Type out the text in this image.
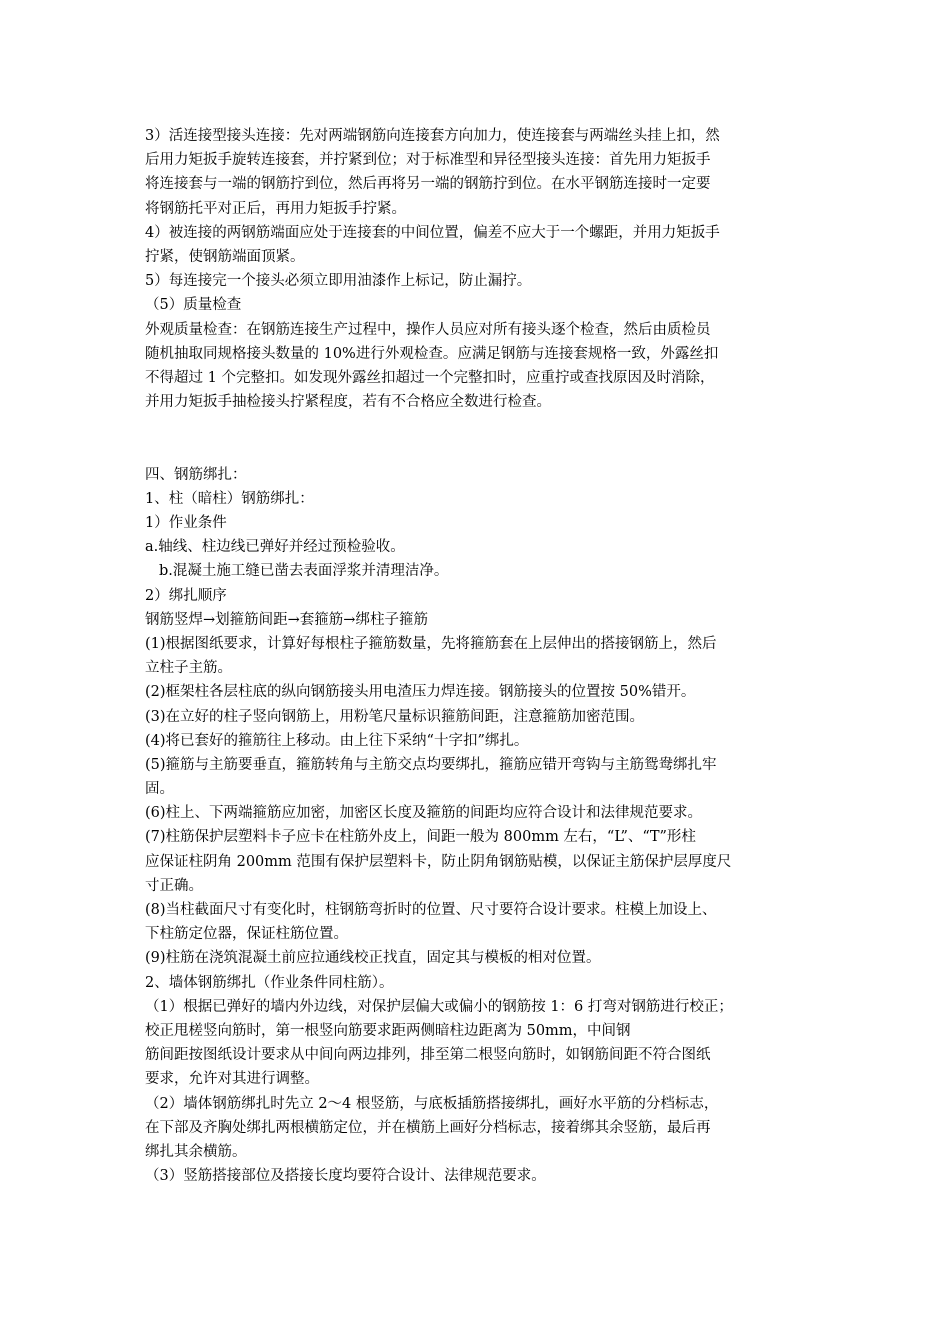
3）活连接型接头连接：先对两端钢筋向连接套方向加力，使连接套与两端丝头挂上扣，然
后用力矩扳手旋转连接套，并拧紧到位；对于标准型和异径型接头连接：首先用力矩扳手
将连接套与一端的钢筋拧到位，然后再将另一端的钢筋拧到位。在水平钢筋连接时一定要
将钢筋托平对正后，再用力矩扳手拧紧。
4）被连接的两钢筋端面应处于连接套的中间位置，偏差不应大于一个螺距，并用力矩扳手
拧紧，使钢筋端面顶紧。
5）每连接完一个接头必须立即用油漆作上标记，防止漏拧。
（5）质量检查
外观质量检查：在钢筋连接生产过程中，操作人员应对所有接头逐个检查，然后由质检员
随机抽取同规格接头数量的 10%进行外观检查。应满足钢筋与连接套规格一致，外露丝扣
不得超过 1 个完整扣。如发现外露丝扣超过一个完整扣时，应重拧或查找原因及时消除，
并用力矩扳手抽检接头拧紧程度，若有不合格应全数进行检查。
四、钢筋绑扎：
1、柱（暗柱）钢筋绑扎：
1）作业条件
a.轴线、柱边线已弹好并经过预检验收。
b.混凝土施工缝已凿去表面浮浆并清理洁净。
2）绑扎顺序
钢筋竖焊→划箍筋间距→套箍筋→绑柱子箍筋
(1)根据图纸要求，计算好每根柱子箍筋数量，先将箍筋套在上层伸出的搭接钢筋上，然后
立柱子主筋。
(2)框架柱各层柱底的纵向钢筋接头用电渣压力焊连接。钢筋接头的位置按 50%错开。
(3)在立好的柱子竖向钢筋上，用粉笔尺量标识箍筋间距，注意箍筋加密范围。
(4)将已套好的箍筋往上移动。由上往下采纳“十字扣”绑扎。
(5)箍筋与主筋要垂直，箍筋转角与主筋交点均要绑扎，箍筋应错开弯钩与主筋鸳鸯绑扎牢
固。
(6)柱上、下两端箍筋应加密，加密区长度及箍筋的间距均应符合设计和法律规范要求。
(7)柱筋保护层塑料卡子应卡在柱筋外皮上，间距一般为 800mm 左右，“L”、“T”形柱
应保证柱阴角 200mm 范围有保护层塑料卡，防止阴角钢筋贴模，以保证主筋保护层厚度尺
寸正确。
(8)当柱截面尺寸有变化时，柱钢筋弯折时的位置、尺寸要符合设计要求。柱模上加设上、
下柱筋定位器，保证柱筋位置。
(9)柱筋在浇筑混凝土前应拉通线校正找直，固定其与模板的相对位置。
2、墙体钢筋绑扎（作业条件同柱筋）。
（1）根据已弹好的墙内外边线，对保护层偏大或偏小的钢筋按 1：6 打弯对钢筋进行校正；
校正甩槎竖向筋时，第一根竖向筋要求距两侧暗柱边距离为 50mm，中间钢
筋间距按图纸设计要求从中间向两边排列，排至第二根竖向筋时，如钢筋间距不符合图纸
要求，允许对其进行调整。
（2）墙体钢筋绑扎时先立 2～4 根竖筋，与底板插筋搭接绑扎，画好水平筋的分档标志，
在下部及齐胸处绑扎两根横筋定位，并在横筋上画好分档标志，接着绑其余竖筋，最后再
绑扎其余横筋。
（3）竖筋搭接部位及搭接长度均要符合设计、法律规范要求。
